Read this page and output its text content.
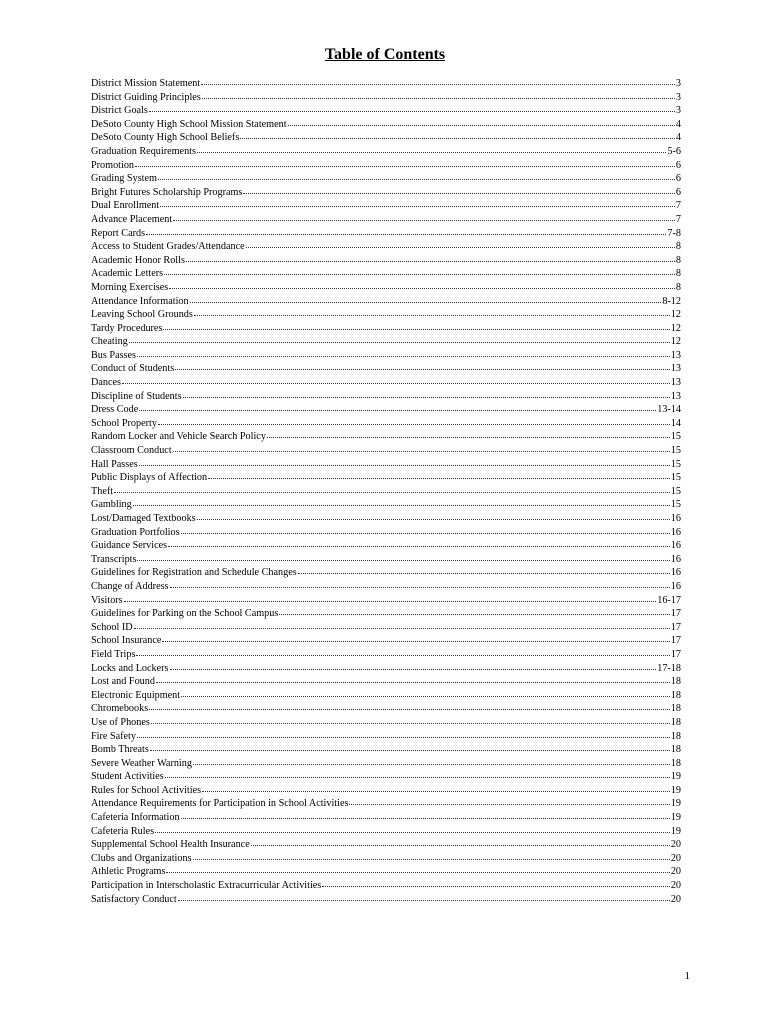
Table of Contents
District Mission Statement	3
District Guiding Principles	3
District Goals	3
DeSoto County High School Mission Statement	4
DeSoto County High School Beliefs	4
Graduation Requirements	5-6
Promotion	6
Grading System	6
Bright Futures Scholarship Programs	6
Dual Enrollment	7
Advance Placement	7
Report Cards	7-8
Access to Student Grades/Attendance	8
Academic Honor Rolls	8
Academic Letters	8
Morning Exercises	8
Attendance Information	8-12
Leaving School Grounds	12
Tardy Procedures	12
Cheating	12
Bus Passes	13
Conduct of Students	13
Dances	13
Discipline of Students	13
Dress Code	13-14
School Property	14
Random Locker and Vehicle Search Policy	15
Classroom Conduct	15
Hall Passes	15
Public Displays of Affection	15
Theft	15
Gambling	15
Lost/Damaged Textbooks	16
Graduation Portfolios	16
Guidance Services	16
Transcripts	16
Guidelines for Registration and Schedule Changes	16
Change of Address	16
Visitors	16-17
Guidelines for Parking on the School Campus	17
School ID	17
School Insurance	17
Field Trips	17
Locks and Lockers	17-18
Lost and Found	18
Electronic Equipment	18
Chromebooks	18
Use of Phones	18
Fire Safety	18
Bomb Threats	18
Severe Weather Warning	18
Student Activities	19
Rules for School Activities	19
Attendance Requirements for Participation in School Activities	19
Cafeteria Information	19
Cafeteria Rules	19
Supplemental School Health Insurance	20
Clubs and Organizations	20
Athletic Programs	20
Participation in Interscholastic Extracurricular Activities	20
Satisfactory Conduct	20
1
